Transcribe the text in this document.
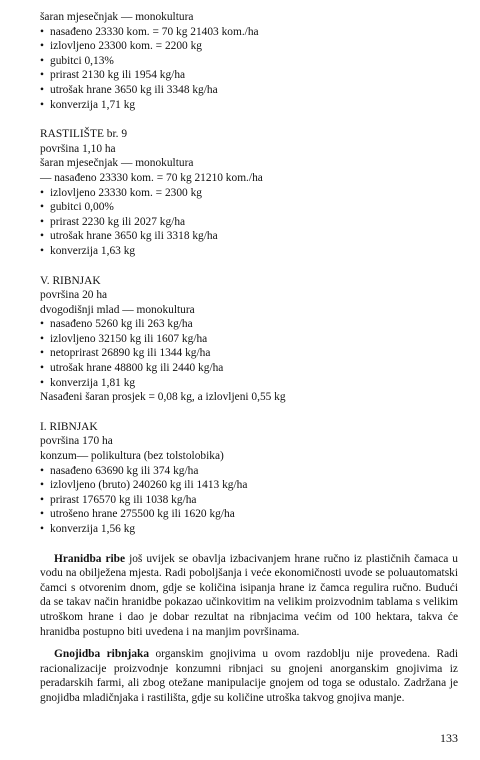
šaran mjesečnjak — monokultura
• nasađeno 23330 kom. = 70 kg 21403 kom./ha
• izlovljeno 23300 kom. = 2200 kg
• gubitci 0,13%
• prirast 2130 kg ili 1954 kg/ha
• utrošak hrane 3650 kg ili 3348 kg/ha
• konverzija 1,71 kg
RASTILIŠTE br. 9
površina 1,10 ha
šaran mjesečnjak — monokultura
— nasađeno 23330 kom. = 70 kg 21210 kom./ha
• izlovljeno 23330 kom. = 2300 kg
• gubitci 0,00%
• prirast 2230 kg ili 2027 kg/ha
• utrošak hrane 3650 kg ili 3318 kg/ha
• konverzija 1,63 kg
V. RIBNJAK
površina 20 ha
dvogodišnji mlad — monokultura
• nasađeno 5260 kg ili 263 kg/ha
• izlovljeno 32150 kg ili 1607 kg/ha
• netoprirast 26890 kg ili 1344 kg/ha
• utrošak hrane 48800 kg ili 2440 kg/ha
• konverzija 1,81 kg
Nasađeni šaran prosjek = 0,08 kg, a izlovljeni 0,55 kg
I. RIBNJAK
površina 170 ha
konzum— polikultura (bez tolstolobika)
• nasađeno 63690 kg ili 374 kg/ha
• izlovljeno (bruto) 240260 kg ili 1413 kg/ha
• prirast 176570 kg ili 1038 kg/ha
• utrošeno hrane 275500 kg ili 1620 kg/ha
• konverzija 1,56 kg

Hranidba ribe još uvijek se obavlja izbacivanjem hrane ručno iz plastičnih čamaca u vodu na obilježena mjesta. Radi poboljšanja i veće ekonomičnosti uvode se poluautomatski čamci s otvorenim dnom, gdje se količina isipanja hrane iz čamca regulira ručno. Budući da se takav način hranidbe pokazao učinkovitim na velikim proizvodnim tablama s velikim utroškom hrane i dao je dobar rezultat na ribnjacima većim od 100 hektara, takva će hranidba postupno biti uvedena i na manjim površinama.

Gnojidba ribnjaka organskim gnojivima u ovom razdoblju nije provedena. Radi racionalizacije proizvodnje konzumni ribnjaci su gnojeni anorganskim gnojivima iz peradarskih farmi, ali zbog otežane manipulacije gnojem od toga se odustalo. Zadržana je gnojidba mladičnjaka i rastilišta, gdje su količine utroška takvog gnojiva manje.

133
